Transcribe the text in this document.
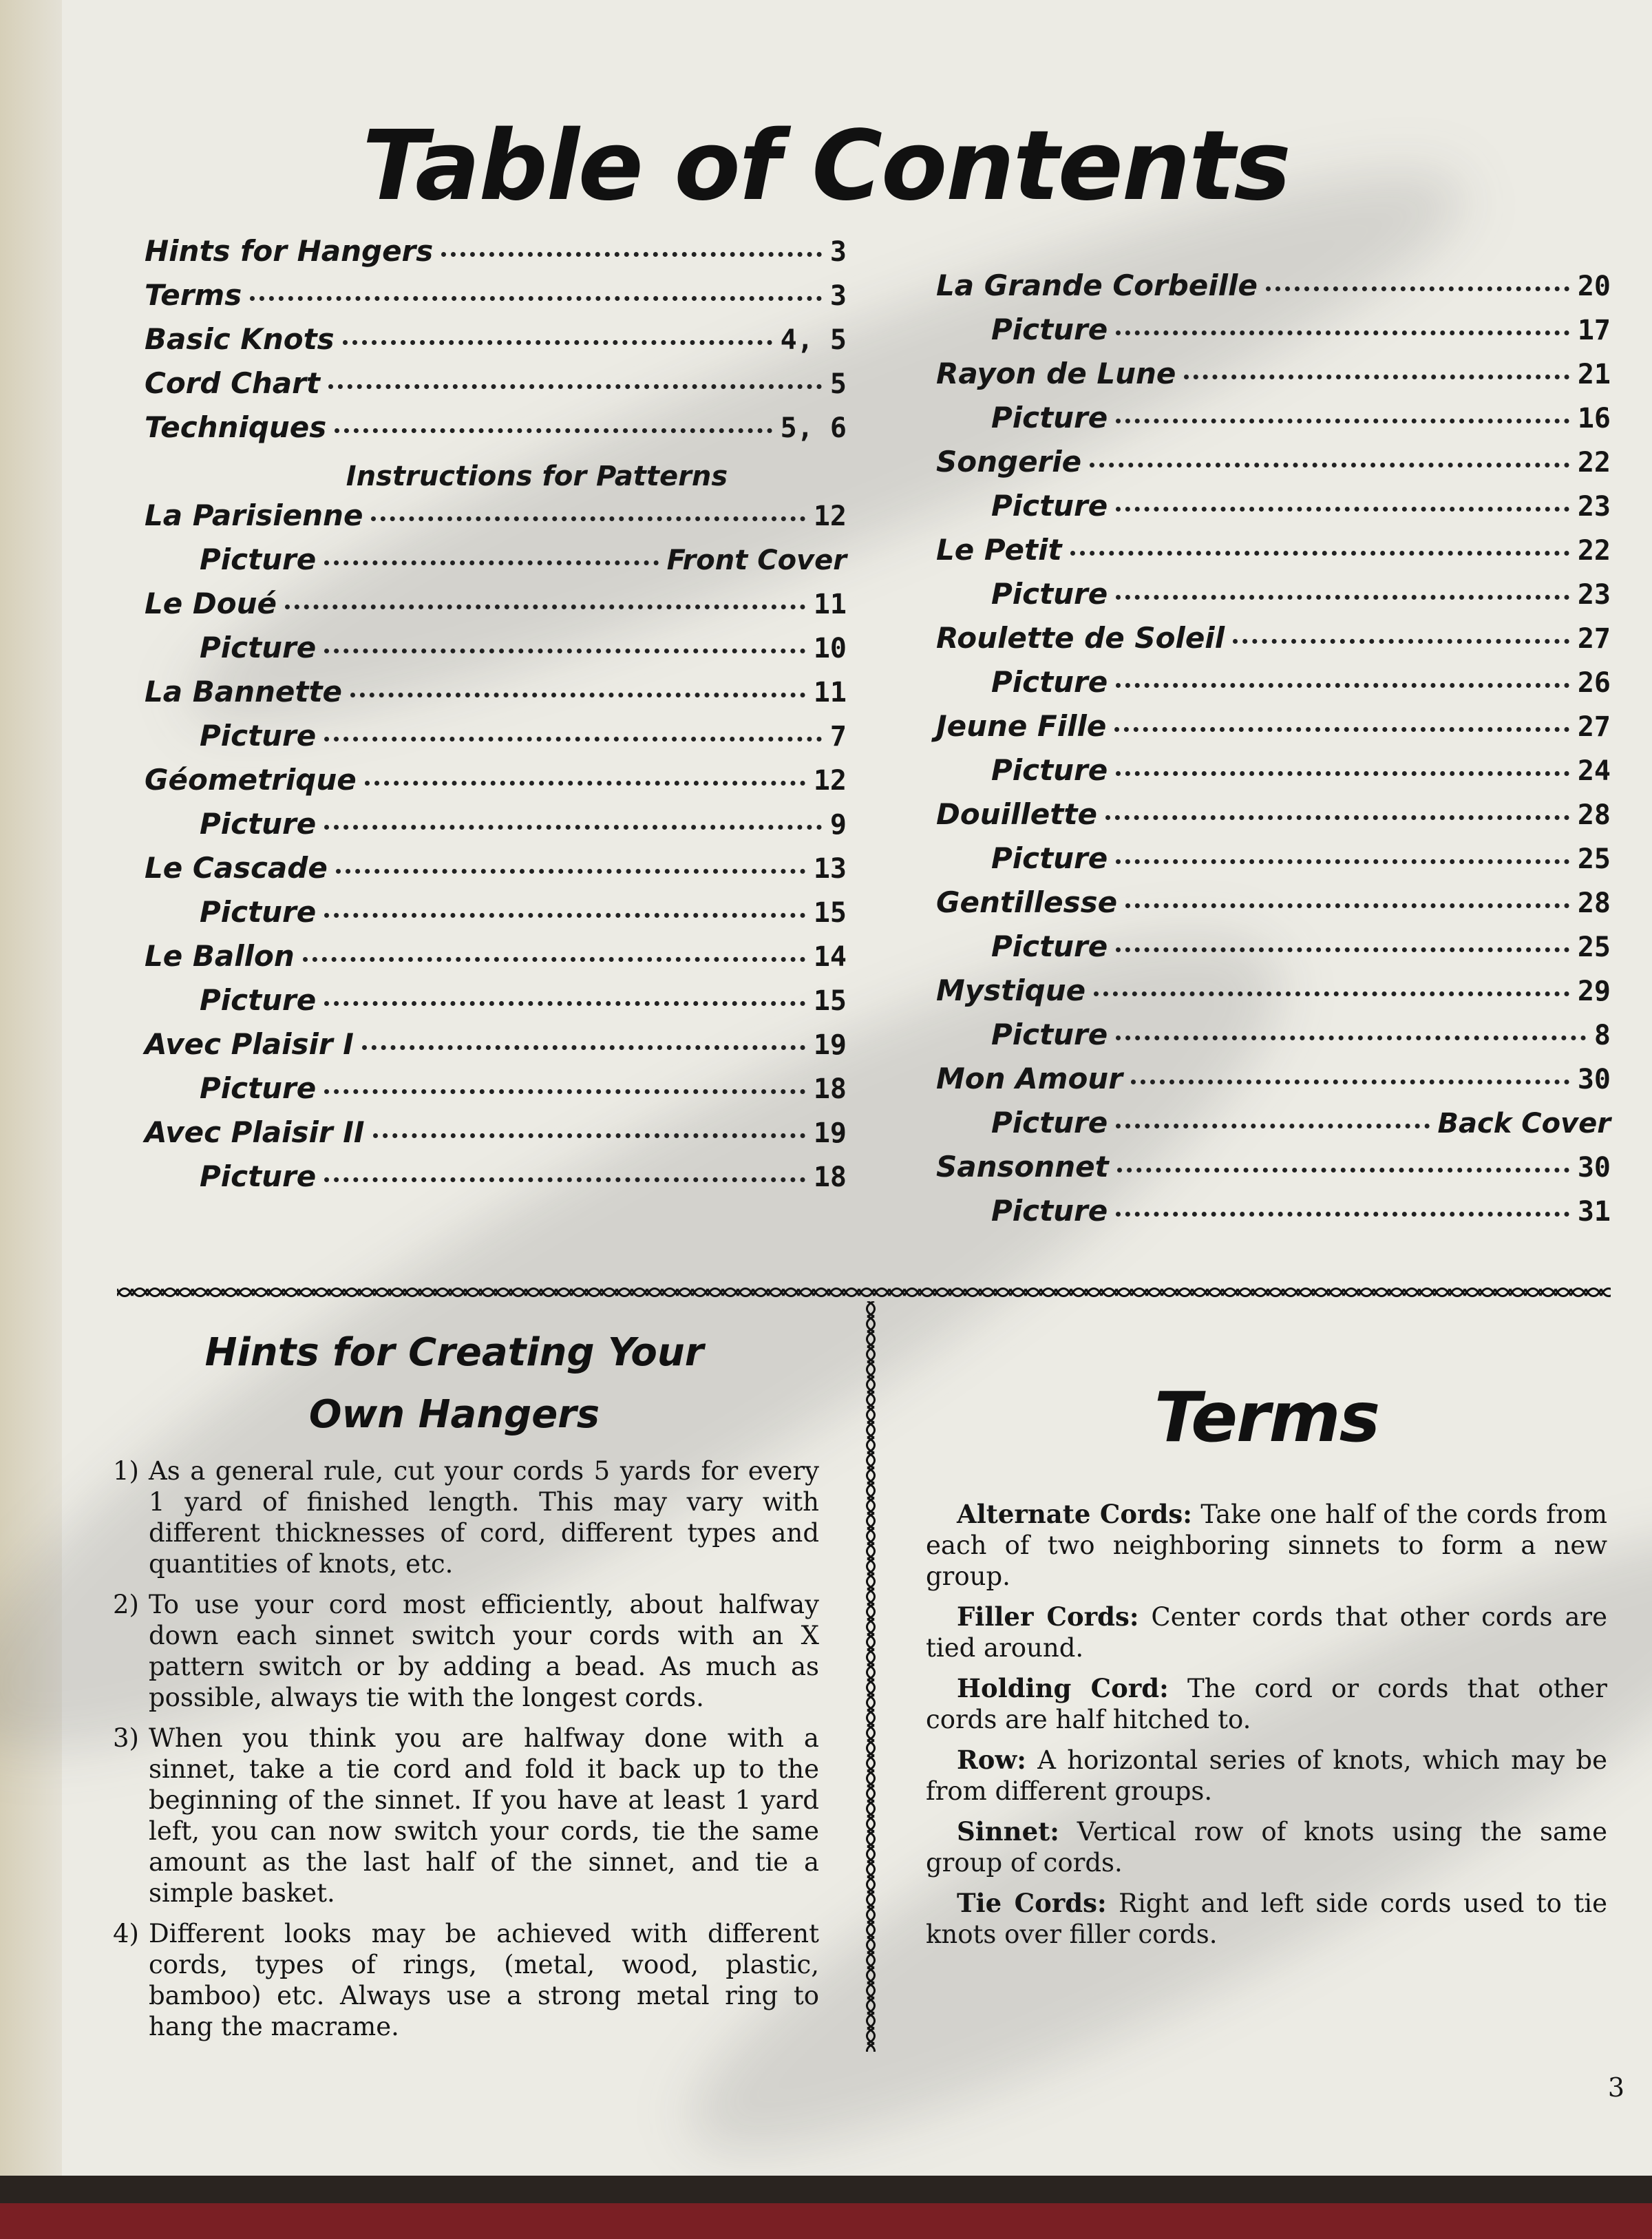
Table of Contents
Hints for Hangers	3
Terms	3
Basic Knots	4, 5
Cord Chart	5
Techniques	5, 6
Instructions for Patterns
La Parisienne	12
Picture	Front Cover
Le Doué	11
Picture	10
La Bannette	11
Picture	7
Géometrique	12
Picture	9
Le Cascade	13
Picture	15
Le Ballon	14
Picture	15
Avec Plaisir I	19
Picture	18
Avec Plaisir II	19
Picture	18
La Grande Corbeille	20
Picture	17
Rayon de Lune	21
Picture	16
Songerie	22
Picture	23
Le Petit	22
Picture	23
Roulette de Soleil	27
Picture	26
Jeune Fille	27
Picture	24
Douillette	28
Picture	25
Gentillesse	28
Picture	25
Mystique	29
Picture	8
Mon Amour	30
Picture	Back Cover
Sansonnet	30
Picture	31
Hints for Creating Your
Own Hangers
1) As a general rule, cut your cords 5 yards for every 1 yard of finished length. This may vary with different thicknesses of cord, different types and quantities of knots, etc.
2) To use your cord most efficiently, about halfway down each sinnet switch your cords with an X pattern switch or by adding a bead. As much as possible, always tie with the longest cords.
3) When you think you are halfway done with a sinnet, take a tie cord and fold it back up to the beginning of the sinnet. If you have at least 1 yard left, you can now switch your cords, tie the same amount as the last half of the sinnet, and tie a simple basket.
4) Different looks may be achieved with different cords, types of rings, (metal, wood, plastic, bamboo) etc. Always use a strong metal ring to hang the macrame.
Terms
Alternate Cords: Take one half of the cords from each of two neighboring sinnets to form a new group.
Filler Cords: Center cords that other cords are tied around.
Holding Cord: The cord or cords that other cords are half hitched to.
Row: A horizontal series of knots, which may be from different groups.
Sinnet: Vertical row of knots using the same group of cords.
Tie Cords: Right and left side cords used to tie knots over filler cords.
3
